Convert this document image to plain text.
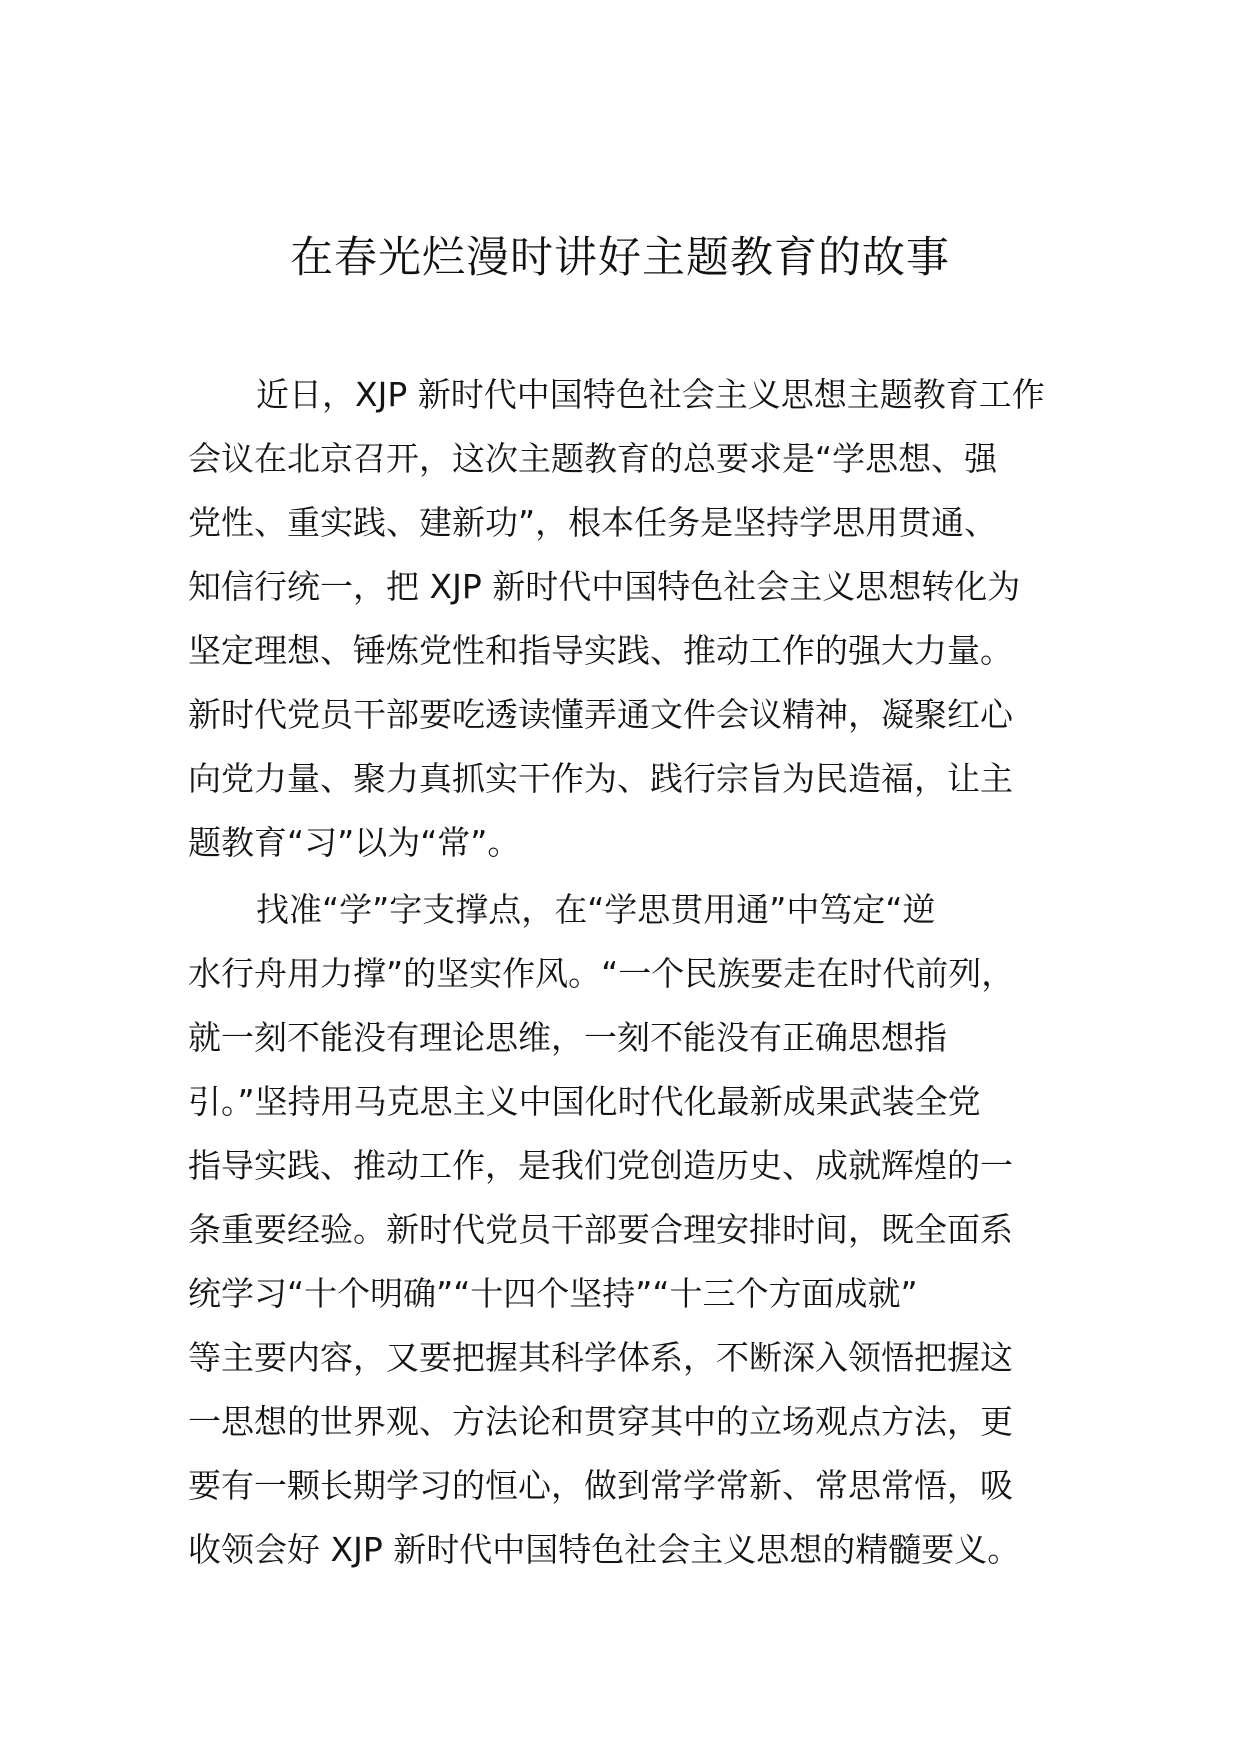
在春光烂漫时讲好主题教育的故事

近日，XJP 新时代中国特色社会主义思想主题教育工作

会议在北京召开，这次主题教育的总要求是“学思想、强

党性、重实践、建新功”，根本任务是坚持学思用贯通、

知信行统一，把 XJP 新时代中国特色社会主义思想转化为

坚定理想、锤炼党性和指导实践、推动工作的强大力量。

新时代党员干部要吃透读懂弄通文件会议精神，凝聚红心

向党力量、聚力真抓实干作为、践行宗旨为民造福，让主

题教育“习”以为“常”。

找准“学”字支撑点，在“学思贯用通”中笃定“逆

水行舟用力撑”的坚实作风。“一个民族要走在时代前列，

就一刻不能没有理论思维，一刻不能没有正确思想指

引。”坚持用马克思主义中国化时代化最新成果武装全党

指导实践、推动工作，是我们党创造历史、成就辉煌的一

条重要经验。新时代党员干部要合理安排时间，既全面系

统学习“十个明确”“十四个坚持”“十三个方面成就”

等主要内容，又要把握其科学体系，不断深入领悟把握这

一思想的世界观、方法论和贯穿其中的立场观点方法，更

要有一颗长期学习的恒心，做到常学常新、常思常悟，吸

收领会好 XJP 新时代中国特色社会主义思想的精髓要义。
